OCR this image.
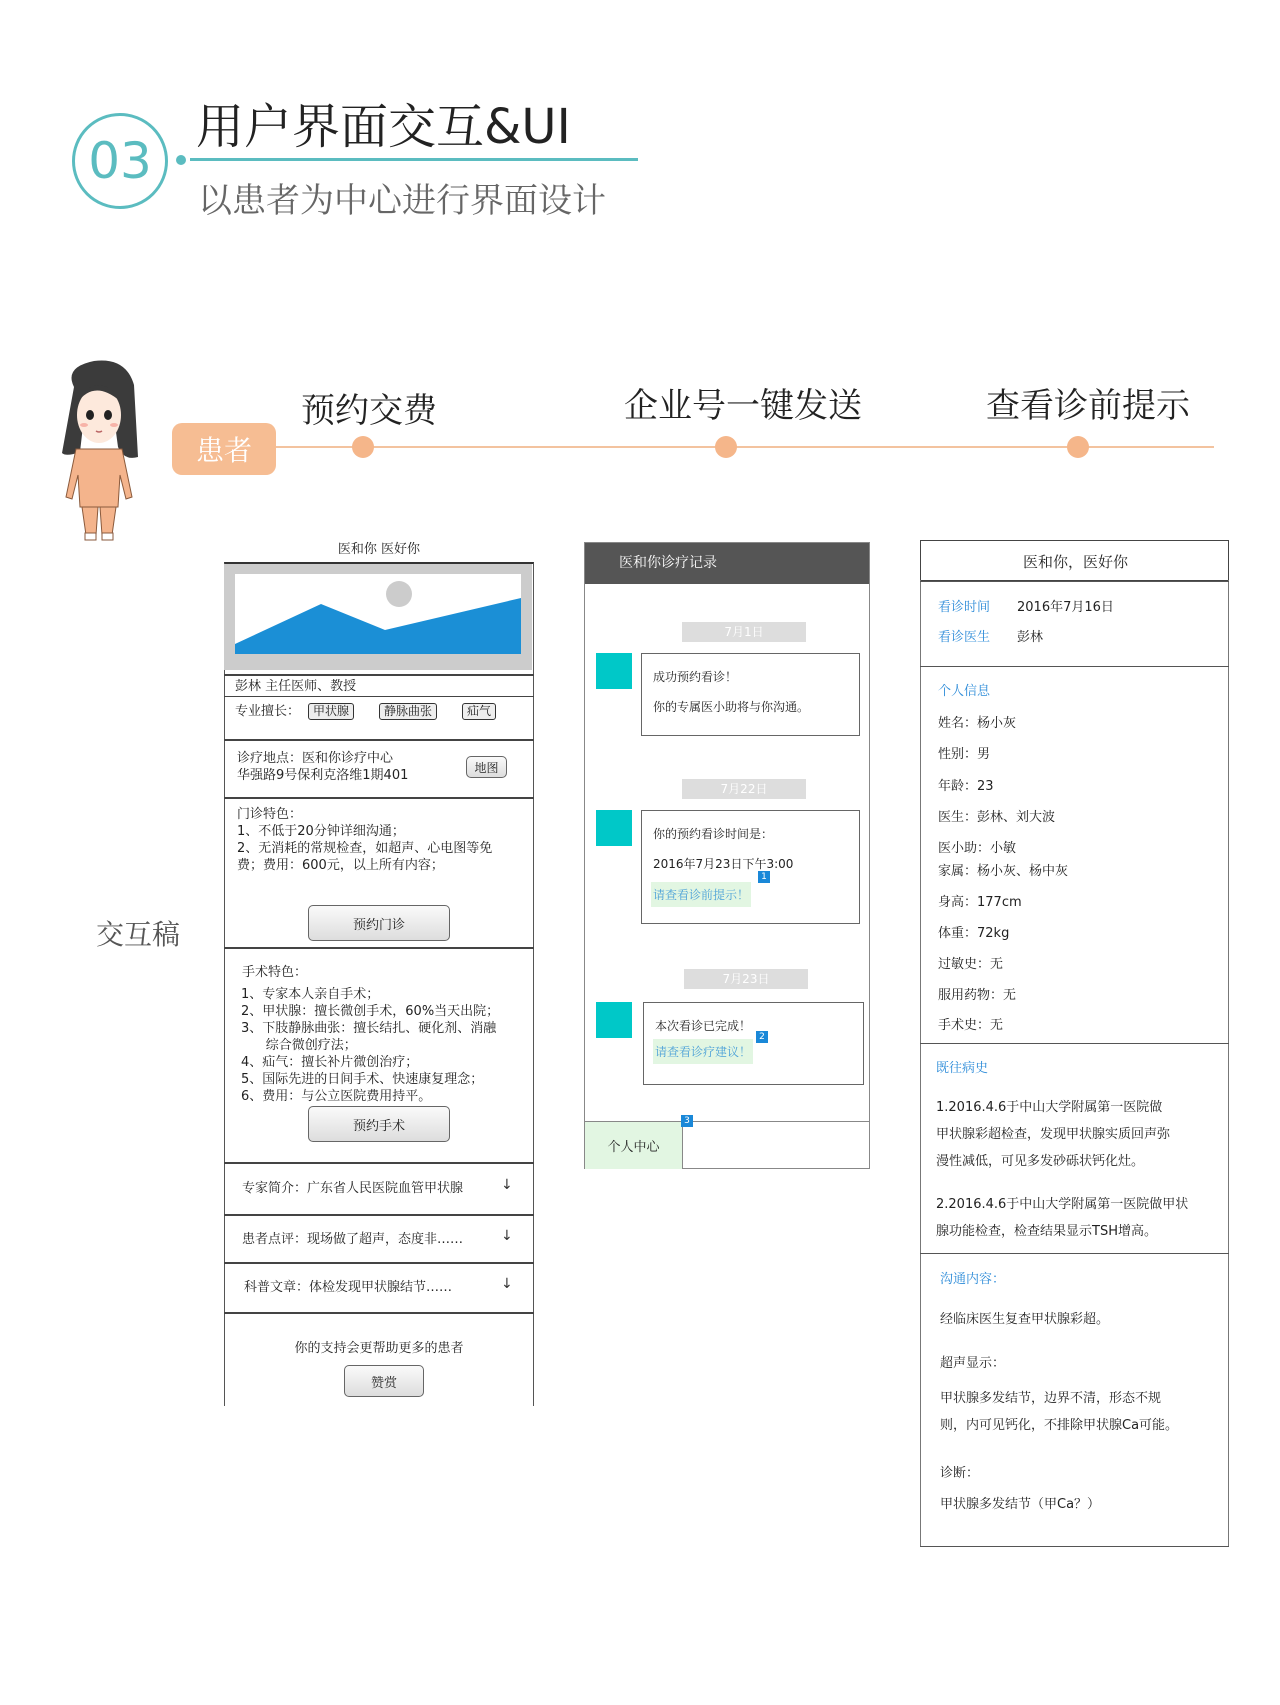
03
用户界面交互&UI
以患者为中心进行界面设计
患者
预约交费	企业号一键发送	查看诊前提示
交互稿
医和你 医好你
彭林 主任医师、教授
专业擅长：	甲状腺	静脉曲张	疝气
诊疗地点：医和你诊疗中心
华强路9号保利克洛维1期401
地图
门诊特色：
1、不低于20分钟详细沟通；
2、无消耗的常规检查，如超声、心电图等免
费；费用：600元，以上所有内容；
预约门诊
手术特色：
1、专家本人亲自手术；
2、甲状腺：擅长微创手术，60%当天出院；
3、下肢静脉曲张：擅长结扎、硬化剂、消融
综合微创疗法；
4、疝气：擅长补片微创治疗；
5、国际先进的日间手术、快速康复理念；
6、费用：与公立医院费用持平。
预约手术
专家简介：广东省人民医院血管甲状腺	↓
患者点评：现场做了超声，态度非……	↓
科普文章：体检发现甲状腺结节……	↓
你的支持会更帮助更多的患者
赞赏
医和你诊疗记录
7月1日
成功预约看诊！
你的专属医小助将与你沟通。
7月22日
你的预约看诊时间是：
2016年7月23日下午3:00
请查看诊前提示！
1
7月23日
本次看诊已完成！
请查看诊疗建议！
2
个人中心
3
医和你，医好你
看诊时间 2016年7月16日
看诊医生 彭林
个人信息
姓名：杨小灰
性别：男
年龄：23
医生：彭林、刘大波
医小助：小敏
家属：杨小灰、杨中灰
身高：177cm
体重：72kg
过敏史：无
服用药物：无
手术史：无
既往病史
1.2016.4.6于中山大学附属第一医院做
甲状腺彩超检查，发现甲状腺实质回声弥
漫性减低，可见多发砂砾状钙化灶。
2.2016.4.6于中山大学附属第一医院做甲状
腺功能检查，检查结果显示TSH增高。
沟通内容：
经临床医生复查甲状腺彩超。
超声显示：
甲状腺多发结节，边界不清，形态不规
则，内可见钙化，不排除甲状腺Ca可能。
诊断：
甲状腺多发结节（甲Ca？）
